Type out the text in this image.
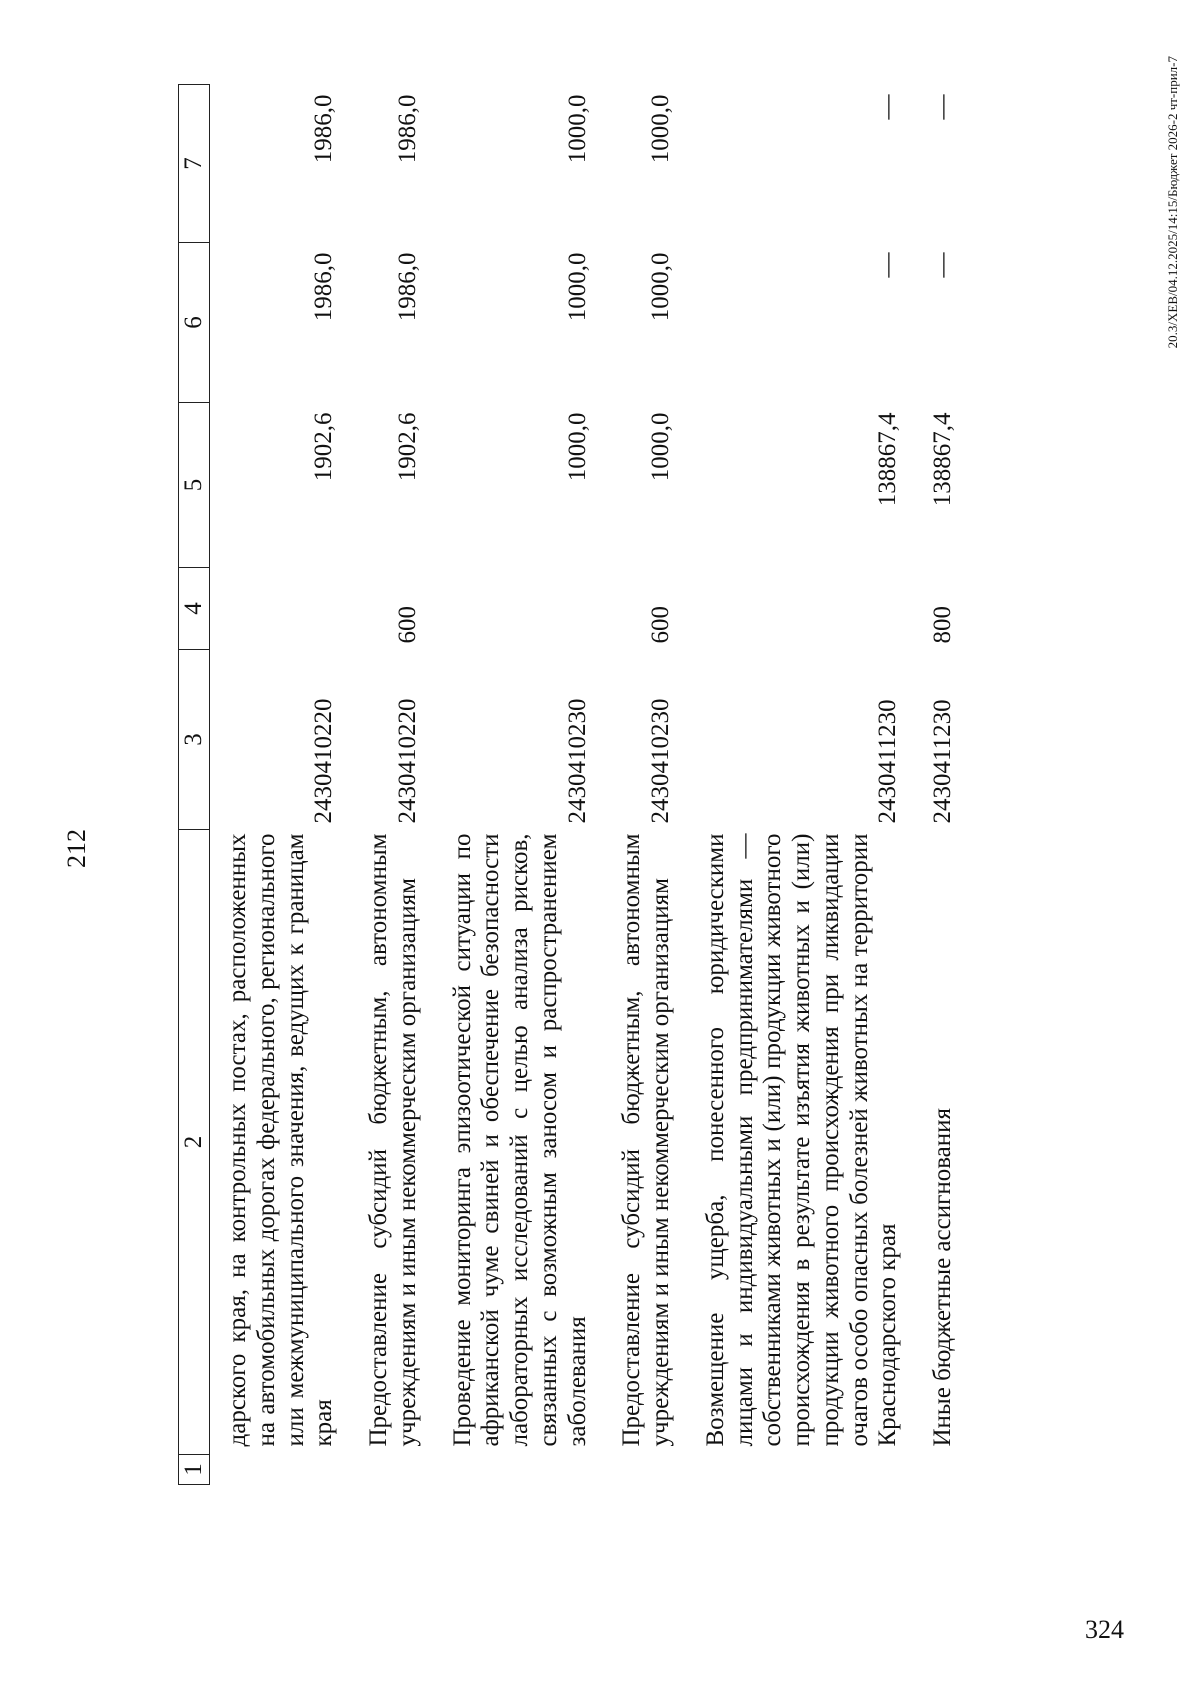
212
1	2	3	4	5	6	7
	дарского края, на контрольных постах, расположенных на автомобильных дорогах федерального, регионального или межмуниципального значения, ведущих к границам края	2430410220		1902,6	1986,0	1986,0
	Предоставление субсидий бюджетным, автономным учреждениям и иным некоммерческим организациям	2430410220	600	1902,6	1986,0	1986,0
	Проведение мониторинга эпизоотической ситуации по африканской чуме свиней и обеспечение безопасности лабораторных исследований с целью анализа рисков, связанных с возможным заносом и распространением заболевания	2430410230		1000,0	1000,0	1000,0
	Предоставление субсидий бюджетным, автономным учреждениям и иным некоммерческим организациям	2430410230	600	1000,0	1000,0	1000,0
	Возмещение ущерба, понесенного юридическими лицами и индивидуальными предпринимателями — собственниками животных и (или) продукции животного происхождения в результате изъятия животных и (или) продукции животного происхождения при ликвидации очагов особо опасных болезней животных на территории Краснодарского края	2430411230		138867,4	—	—
	Иные бюджетные ассигнования	2430411230	800	138867,4	—	—	20.3/XEB/04.12.2025/14:15/Бюджет 2026-2 чт-прил-7
324
